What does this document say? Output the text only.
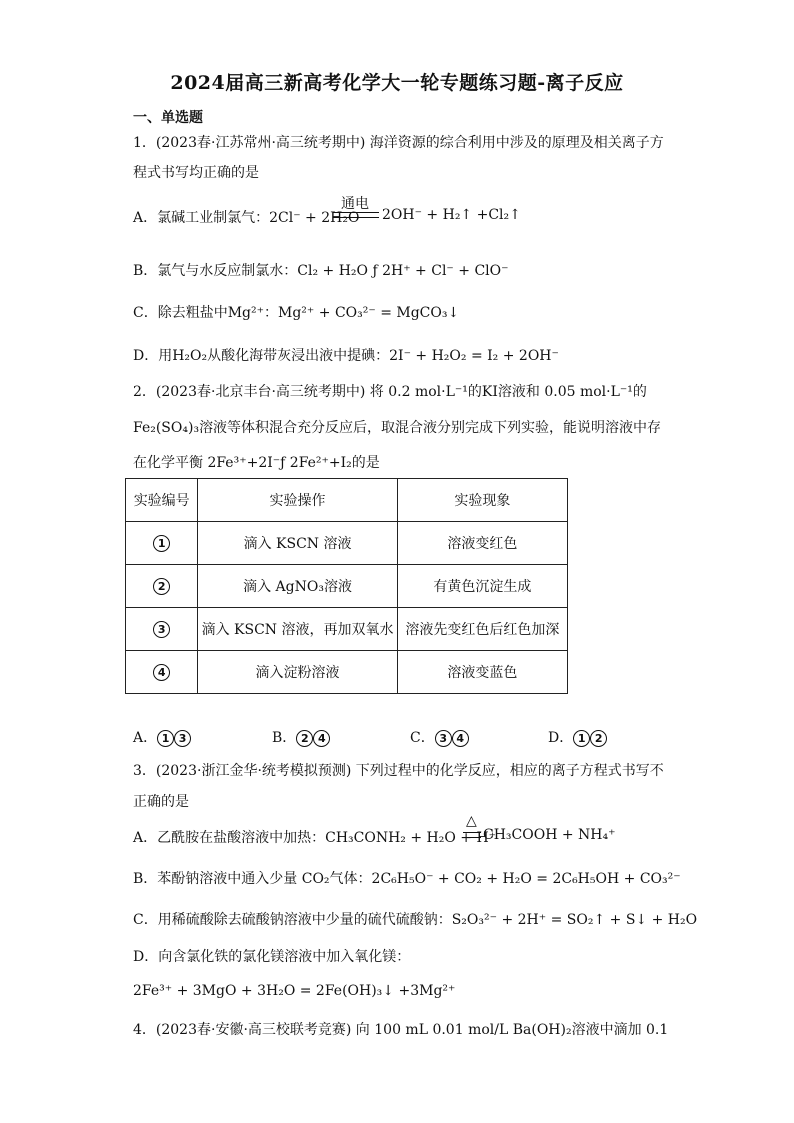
2024届高三新高考化学大一轮专题练习题-离子反应
一、单选题
1．(2023春·江苏常州·高三统考期中) 海洋资源的综合利用中涉及的原理及相关离子方
程式书写均正确的是
A．氯碱工业制氯气：2Cl⁻ + 2H₂O
通电
2OH⁻ + H₂↑ +Cl₂↑
B．氯气与水反应制氯水：Cl₂ + H₂O ƒ 2H⁺ + Cl⁻ + ClO⁻
C．除去粗盐中Mg²⁺：Mg²⁺ + CO₃²⁻ = MgCO₃↓
D．用H₂O₂从酸化海带灰浸出液中提碘：2I⁻ + H₂O₂ = I₂ + 2OH⁻
2．(2023春·北京丰台·高三统考期中) 将 0.2 mol·L⁻¹的KI溶液和 0.05 mol·L⁻¹的
Fe₂(SO₄)₃溶液等体积混合充分反应后，取混合液分别完成下列实验，能说明溶液中存
在化学平衡 2Fe³⁺+2I⁻ƒ 2Fe²⁺+I₂的是
实验编号	实验操作	实验现象
1	滴入 KSCN 溶液	溶液变红色
2	滴入 AgNO₃溶液	有黄色沉淀生成
3	滴入 KSCN 溶液，再加双氧水	溶液先变红色后红色加深
4	滴入淀粉溶液	溶液变蓝色
A． 1 3	B． 2 4	C． 3 4	D． 1 2
3．(2023·浙江金华·统考模拟预测) 下列过程中的化学反应，相应的离子方程式书写不
正确的是
A．乙酰胺在盐酸溶液中加热：CH₃CONH₂ + H₂O + H⁺
△
CH₃COOH + NH₄⁺
B．苯酚钠溶液中通入少量 CO₂气体：2C₆H₅O⁻ + CO₂ + H₂O = 2C₆H₅OH + CO₃²⁻
C．用稀硫酸除去硫酸钠溶液中少量的硫代硫酸钠：S₂O₃²⁻ + 2H⁺ = SO₂↑ + S↓ + H₂O
D．向含氯化铁的氯化镁溶液中加入氧化镁：
2Fe³⁺ + 3MgO + 3H₂O = 2Fe(OH)₃↓ +3Mg²⁺
4．(2023春·安徽·高三校联考竞赛) 向 100 mL 0.01 mol/L Ba(OH)₂溶液中滴加 0.1
